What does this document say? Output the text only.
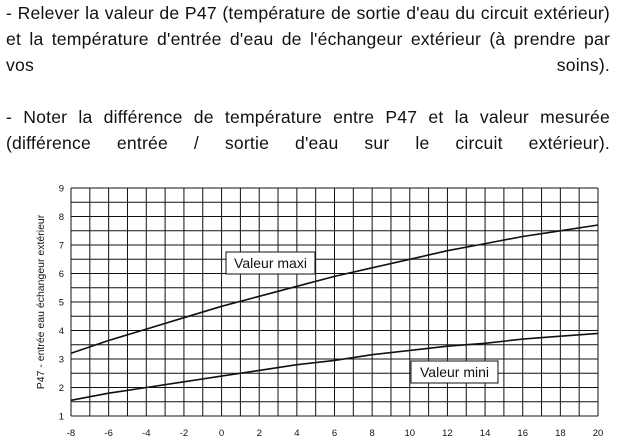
- Relever la valeur de P47 (température de sortie d'eau du circuit extérieur) et la température d'entrée d'eau de l'échangeur extérieur (à prendre par vos soins).

- Noter la différence de température entre P47 et la valeur mesurée (différence entrée / sortie d'eau sur le circuit extérieur).

-8	-6	-4	-2	0	2	4	6	8	10	12	14	16	18	20
1
2
3
4
5
6
7
8
9
P47 - entrée eau échangeur extérieur	Valeur maxi
Valeur mini
